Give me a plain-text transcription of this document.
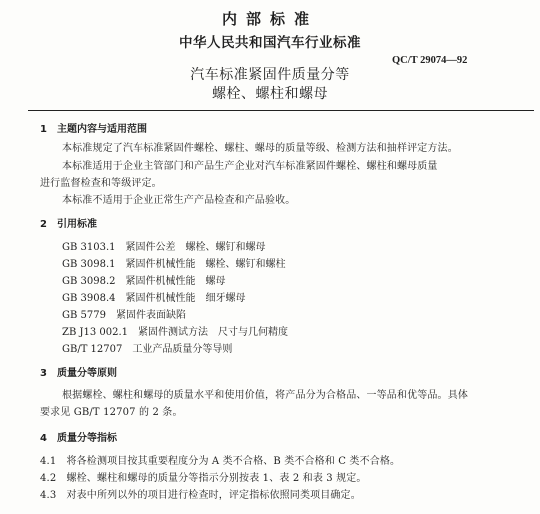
内部标准
中华人民共和国汽车行业标准
QC/T 29074—92
汽车标准紧固件质量分等
螺栓、螺柱和螺母
1　主题内容与适用范围
本标准规定了汽车标准紧固件螺栓、螺柱、螺母的质量等级、检测方法和抽样评定方法。
本标准适用于企业主管部门和产品生产企业对汽车标准紧固件螺栓、螺柱和螺母质量
进行监督检查和等级评定。
本标准不适用于企业正常生产产品检查和产品验收。
2　引用标准
GB 3103.1　紧固件公差　螺栓、螺钉和螺母
GB 3098.1　紧固件机械性能　螺栓、螺钉和螺柱
GB 3098.2　紧固件机械性能　螺母
GB 3908.4　紧固件机械性能　细牙螺母
GB 5779　紧固件表面缺陷
ZB J13 002.1　紧固件测试方法　尺寸与几何精度
GB/T 12707　工业产品质量分等导则
3　质量分等原则
根据螺栓、螺柱和螺母的质量水平和使用价值，将产品分为合格品、一等品和优等品。具体
要求见 GB/T 12707 的 2 条。
4　质量分等指标
4.1　将各检测项目按其重要程度分为 A 类不合格、B 类不合格和 C 类不合格。
4.2　螺栓、螺柱和螺母的质量分等指示分别按表 1、表 2 和表 3 规定。
4.3　对表中所列以外的项目进行检查时，评定指标依照同类项目确定。
